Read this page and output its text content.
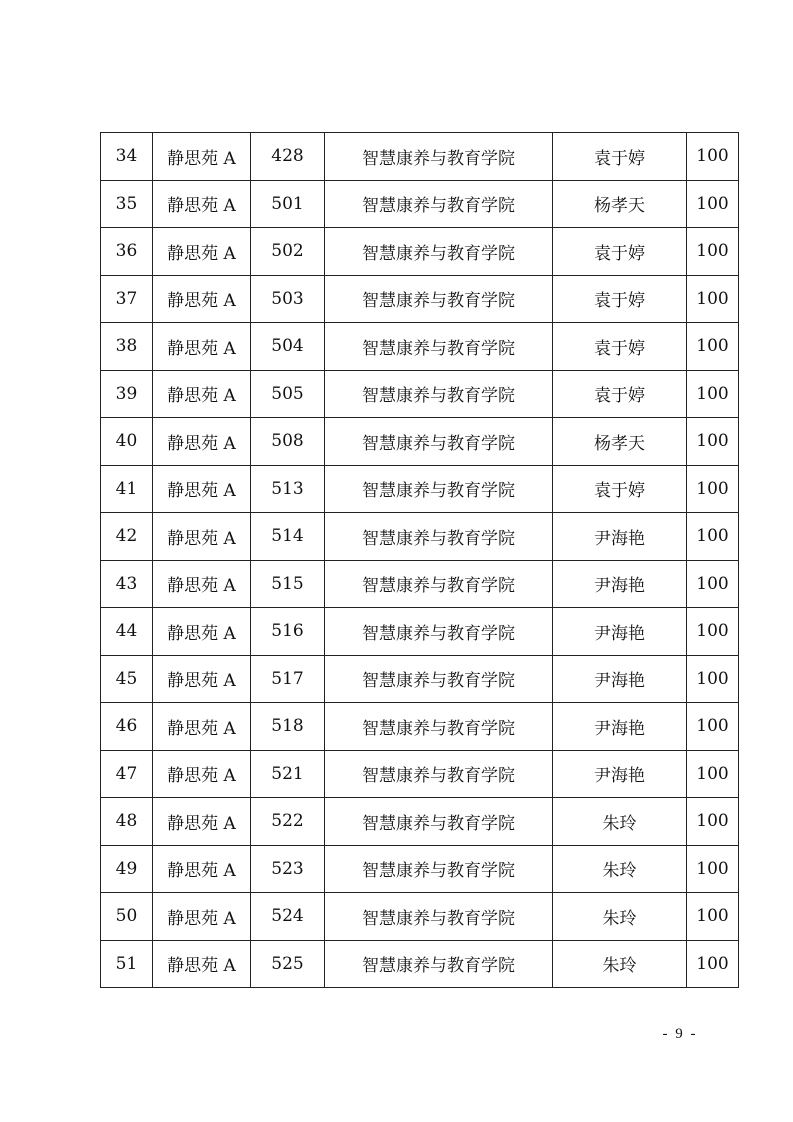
34	静思苑 A	428	智慧康养与教育学院	袁于婷	100
35	静思苑 A	501	智慧康养与教育学院	杨孝天	100
36	静思苑 A	502	智慧康养与教育学院	袁于婷	100
37	静思苑 A	503	智慧康养与教育学院	袁于婷	100
38	静思苑 A	504	智慧康养与教育学院	袁于婷	100
39	静思苑 A	505	智慧康养与教育学院	袁于婷	100
40	静思苑 A	508	智慧康养与教育学院	杨孝天	100
41	静思苑 A	513	智慧康养与教育学院	袁于婷	100
42	静思苑 A	514	智慧康养与教育学院	尹海艳	100
43	静思苑 A	515	智慧康养与教育学院	尹海艳	100
44	静思苑 A	516	智慧康养与教育学院	尹海艳	100
45	静思苑 A	517	智慧康养与教育学院	尹海艳	100
46	静思苑 A	518	智慧康养与教育学院	尹海艳	100
47	静思苑 A	521	智慧康养与教育学院	尹海艳	100
48	静思苑 A	522	智慧康养与教育学院	朱玲	100
49	静思苑 A	523	智慧康养与教育学院	朱玲	100
50	静思苑 A	524	智慧康养与教育学院	朱玲	100
51	静思苑 A	525	智慧康养与教育学院	朱玲	100
- 9 -
